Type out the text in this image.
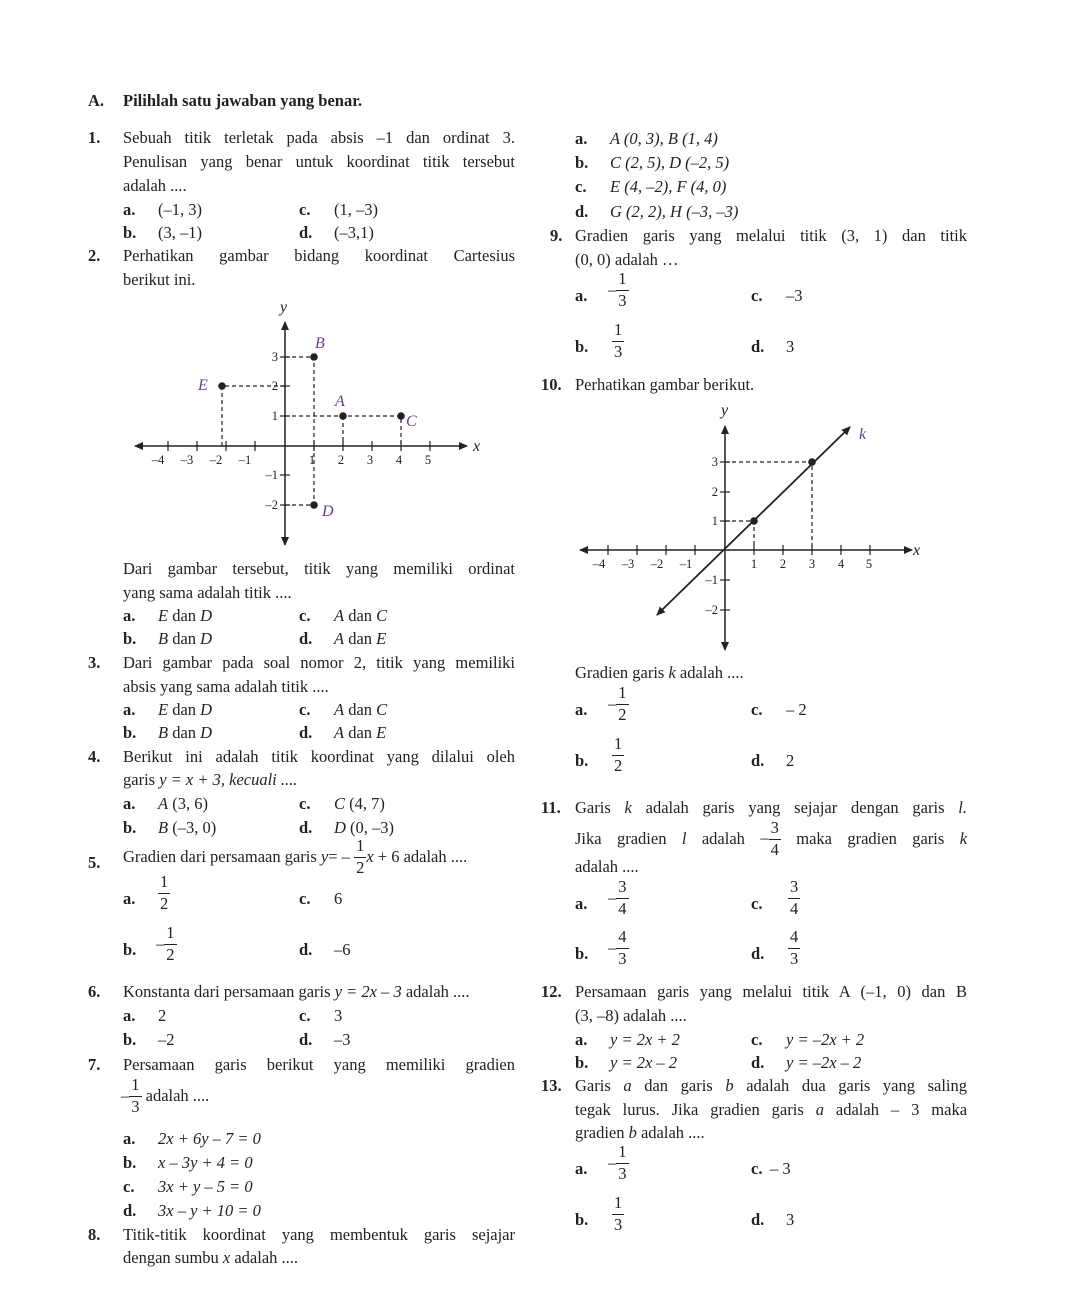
A. Pilihlah satu jawaban yang benar.
1. Sebuah titik terletak pada absis –1 dan ordinat 3.
Penulisan yang benar untuk koordinat titik tersebut
adalah ....
a. (–1, 3)	c. (1, –3)
b. (3, –1)	d. (–3,1)
2. Perhatikan gambar bidang koordinat Cartesius
berikut ini.
y
x
–4 –3 –2 –1	1 2 3 4 5
3
2
1
–1
–2
B
E
A
C
D
y
x
–4 –3 –2 –1	1 2 3 4 5
3
2
1
–1
–2
k
Dari gambar tersebut, titik yang memiliki ordinat
yang sama adalah titik ....
a. E dan D	c. A dan C
b. B dan D	d. A dan E
3. Dari gambar pada soal nomor 2, titik yang memiliki
absis yang sama adalah titik ....
a. E dan D	c. A dan C
b. B dan D	d. A dan E
4. Berikut ini adalah titik koordinat yang dilalui oleh
garis y = x + 3, kecuali ....
a. A (3, 6)	c. C (4, 7)
b. B (–3, 0)	d. D (0, –3)
5. Gradien dari persamaan garis $y= - \frac{1}{2}$ x + 6 adalah ....
a. $\frac{1}{2}$	c. 6
b. – $\frac{1}{2}$	d. –6
6. Konstanta dari persamaan garis y = 2x – 3 adalah ....
a. 2	c. 3
b. –2	d. –3
7. Persamaan garis berikut yang memiliki gradien
– $\frac{1}{3}$ adalah ....
a. 2x + 6y – 7 = 0
b. x – 3y + 4 = 0
c. 3x + y – 5 = 0
d. 3x – y + 10 = 0
8. Titik-titik koordinat yang membentuk garis sejajar
dengan sumbu x adalah ....
a. A (0, 3), B (1, 4)
b. C (2, 5), D (–2, 5)
c. E (4, –2), F (4, 0)
d. G (2, 2), H (–3, –3)
9. Gradien garis yang melalui titik (3, 1) dan titik
(0, 0) adalah …
a. – $\frac{1}{3}$	c. –3
b. $\frac{1}{3}$	d. 3
10. Perhatikan gambar berikut.
Gradien garis k adalah ....
a. – $\frac{1}{2}$	c. – 2
b. $\frac{1}{2}$	d. 2
11. Garis k adalah garis yang sejajar dengan garis l.
Jika gradien l adalah – $\frac{3}{4}$ maka gradien garis k
adalah ....
a. – $\frac{3}{4}$	c. $\frac{3}{4}$
b. – $\frac{4}{3}$	d. $\frac{4}{3}$
12. Persamaan garis yang melalui titik A (–1, 0) dan B
(3, –8) adalah ....
a. y = 2x + 2	c. y = –2x + 2
b. y = 2x – 2	d. y = –2x – 2
13. Garis a dan garis b adalah dua garis yang saling
tegak lurus. Jika gradien garis a adalah – 3 maka
gradien b adalah ....
a. – $\frac{1}{3}$	c. – 3
b. $\frac{1}{3}$	d. 3
